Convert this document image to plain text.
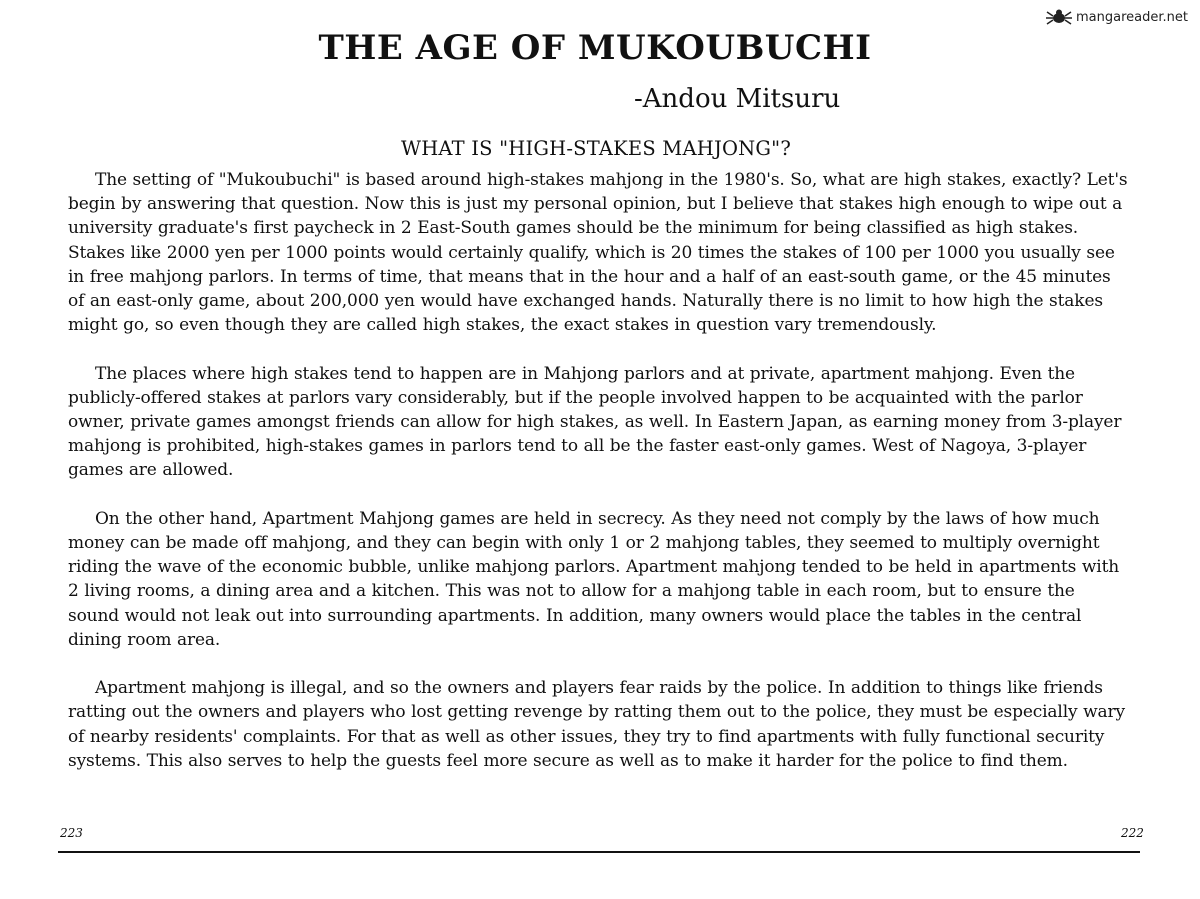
mangareader.net
THE AGE OF MUKOUBUCHI
-Andou Mitsuru
WHAT IS "HIGH-STAKES MAHJONG"?

The setting of "Mukoubuchi" is based around high-stakes mahjong in the 1980's. So, what are high stakes, exactly? Let's begin by answering that question. Now this is just my personal opinion, but I believe that stakes high enough to wipe out a university graduate's first paycheck in 2 East-South games should be the minimum for being classified as high stakes. Stakes like 2000 yen per 1000 points would certainly qualify, which is 20 times the stakes of 100 per 1000 you usually see in free mahjong parlors. In terms of time, that means that in the hour and a half of an east-south game, or the 45 minutes of an east-only game, about 200,000 yen would have exchanged hands. Naturally there is no limit to how high the stakes might go, so even though they are called high stakes, the exact stakes in question vary tremendously.

The places where high stakes tend to happen are in Mahjong parlors and at private, apartment mahjong. Even the publicly-offered stakes at parlors vary considerably, but if the people involved happen to be acquainted with the parlor owner, private games amongst friends can allow for high stakes, as well. In Eastern Japan, as earning money from 3-player mahjong is prohibited, high-stakes games in parlors tend to all be the faster east-only games. West of Nagoya, 3-player games are allowed.

On the other hand, Apartment Mahjong games are held in secrecy. As they need not comply by the laws of how much money can be made off mahjong, and they can begin with only 1 or 2 mahjong tables, they seemed to multiply overnight riding the wave of the economic bubble, unlike mahjong parlors. Apartment mahjong tended to be held in apartments with 2 living rooms, a dining area and a kitchen. This was not to allow for a mahjong table in each room, but to ensure the sound would not leak out into surrounding apartments. In addition, many owners would place the tables in the central dining room area.

Apartment mahjong is illegal, and so the owners and players fear raids by the police. In addition to things like friends ratting out the owners and players who lost getting revenge by ratting them out to the police, they must be especially wary of nearby residents' complaints. For that as well as other issues, they try to find apartments with fully functional security systems. This also serves to help the guests feel more secure as well as to make it harder for the police to find them.

223	222
